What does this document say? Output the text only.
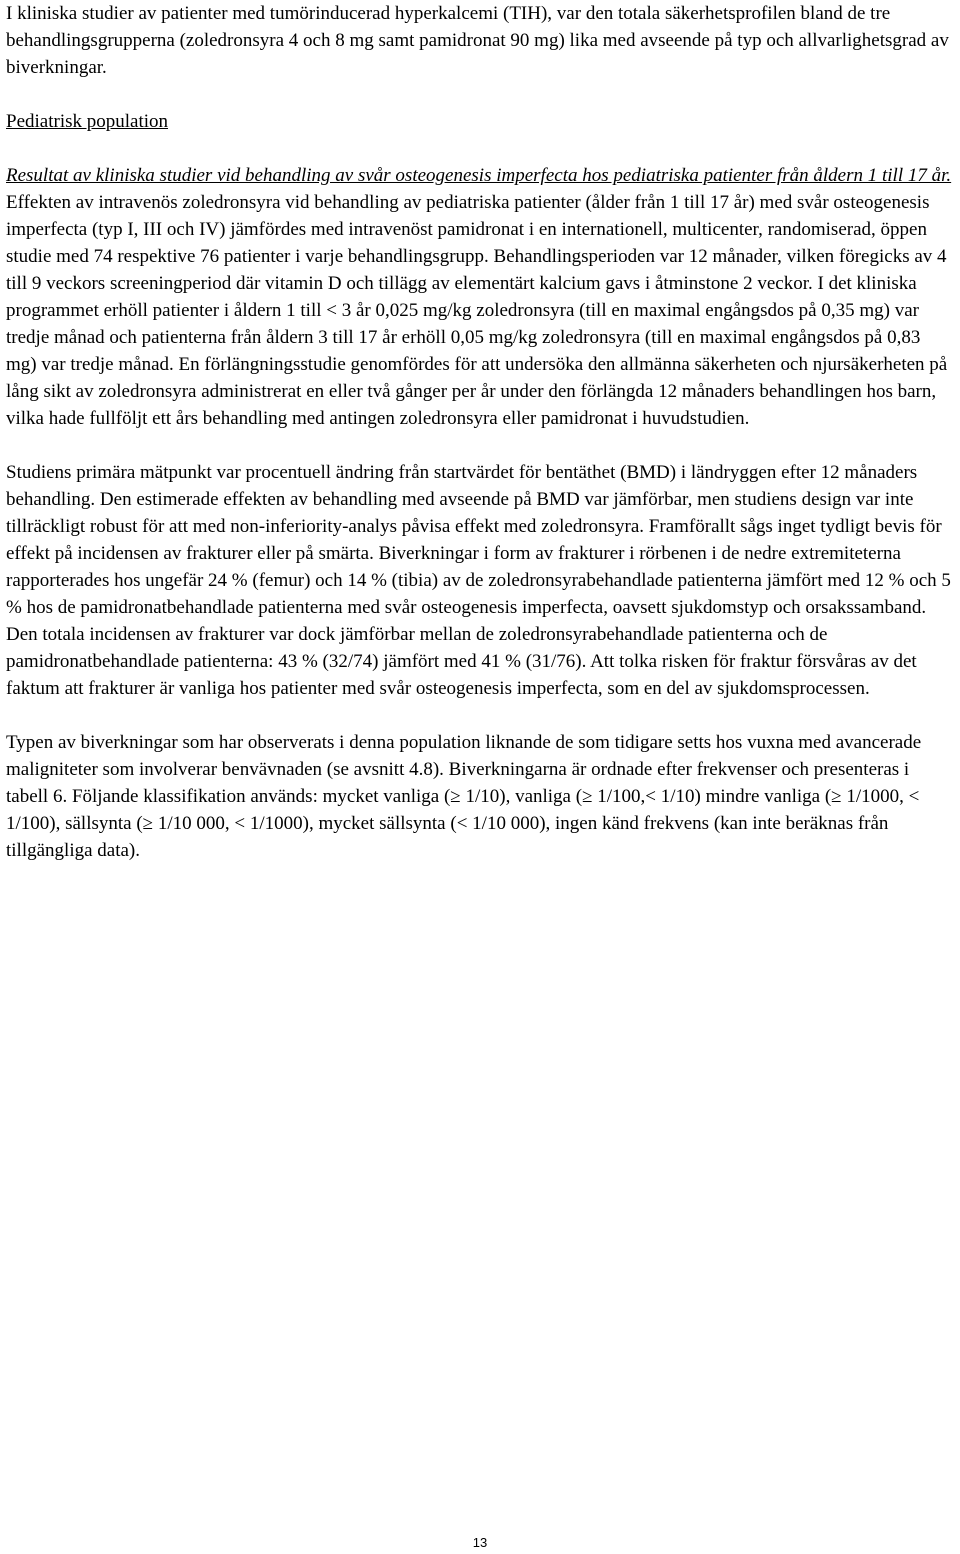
I kliniska studier av patienter med tumörinducerad hyperkalcemi (TIH), var den totala säkerhetsprofilen bland de tre behandlingsgrupperna (zoledronsyra 4 och 8 mg samt pamidronat 90 mg) lika med avseende på typ och allvarlighetsgrad av biverkningar.

Pediatrisk population

Resultat av kliniska studier vid behandling av svår osteogenesis imperfecta hos pediatriska patienter från åldern 1 till 17 år.

Effekten av intravenös zoledronsyra vid behandling av pediatriska patienter (ålder från 1 till 17 år) med svår osteogenesis imperfecta (typ I, III och IV) jämfördes med intravenöst pamidronat i en internationell, multicenter, randomiserad, öppen studie med 74 respektive 76 patienter i varje behandlingsgrupp. Behandlingsperioden var 12 månader, vilken föregicks av 4 till 9 veckors screeningperiod där vitamin D och tillägg av elementärt kalcium gavs i åtminstone 2 veckor. I det kliniska programmet erhöll patienter i åldern 1 till < 3 år 0,025 mg/kg zoledronsyra (till en maximal engångsdos på 0,35 mg) var tredje månad och patienterna från åldern 3 till 17 år erhöll 0,05 mg/kg zoledronsyra (till en maximal engångsdos på 0,83 mg) var tredje månad. En förlängningsstudie genomfördes för att undersöka den allmänna säkerheten och njursäkerheten på lång sikt av zoledronsyra administrerat en eller två gånger per år under den förlängda 12 månaders behandlingen hos barn, vilka hade fullföljt ett års behandling med antingen zoledronsyra eller pamidronat i huvudstudien.

Studiens primära mätpunkt var procentuell ändring från startvärdet för bentäthet (BMD) i ländryggen efter 12 månaders behandling. Den estimerade effekten av behandling med avseende på BMD var jämförbar, men studiens design var inte tillräckligt robust för att med non-inferiority-analys påvisa effekt med zoledronsyra. Framförallt sågs inget tydligt bevis för effekt på incidensen av frakturer eller på smärta. Biverkningar i form av frakturer i rörbenen i de nedre extremiteterna rapporterades hos ungefär 24 % (femur) och 14 % (tibia) av de zoledronsyrabehandlade patienterna jämfört med 12 % och 5 % hos de pamidronatbehandlade patienterna med svår osteogenesis imperfecta, oavsett sjukdomstyp och orsakssamband. Den totala incidensen av frakturer var dock jämförbar mellan de zoledronsyrabehandlade patienterna och de pamidronatbehandlade patienterna: 43 % (32/74) jämfört med 41 % (31/76). Att tolka risken för fraktur försvåras av det faktum att frakturer är vanliga hos patienter med svår osteogenesis imperfecta, som en del av sjukdomsprocessen.

Typen av biverkningar som har observerats i denna population liknande de som tidigare setts hos vuxna med avancerade maligniteter som involverar benvävnaden (se avsnitt 4.8). Biverkningarna är ordnade efter frekvenser och presenteras i tabell 6. Följande klassifikation används: mycket vanliga (≥ 1/10), vanliga (≥ 1/100,< 1/10) mindre vanliga (≥ 1/1000, < 1/100), sällsynta (≥ 1/10 000, < 1/1000), mycket sällsynta (< 1/10 000), ingen känd frekvens (kan inte beräknas från tillgängliga data).

13
